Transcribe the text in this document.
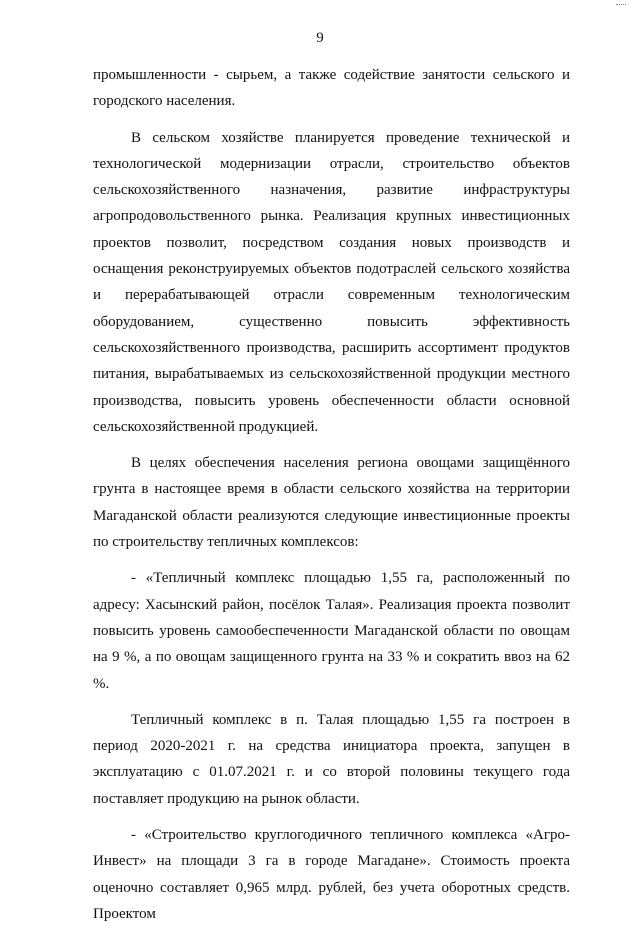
9

промышленности - сырьем, а также содействие занятости сельского и городского населения.

В сельском хозяйстве планируется проведение технической и технологической модернизации отрасли, строительство объектов сельскохозяйственного назначения, развитие инфраструктуры агропродовольственного рынка. Реализация крупных инвестиционных проектов позволит, посредством создания новых производств и оснащения реконструируемых объектов подотраслей сельского хозяйства и перерабатывающей отрасли современным технологическим оборудованием, существенно повысить эффективность сельскохозяйственного производства, расширить ассортимент продуктов питания, вырабатываемых из сельскохозяйственной продукции местного производства, повысить уровень обеспеченности области основной сельскохозяйственной продукцией.

В целях обеспечения населения региона овощами защищённого грунта в настоящее время в области сельского хозяйства на территории Магаданской области реализуются следующие инвестиционные проекты по строительству тепличных комплексов:

- «Тепличный комплекс площадью 1,55 га, расположенный по адресу: Хасынский район, посёлок Талая». Реализация проекта позволит повысить уровень самообеспеченности Магаданской области по овощам на 9 %, а по овощам защищенного грунта на 33 % и сократить ввоз на 62 %.

Тепличный комплекс в п. Талая площадью 1,55 га построен в период 2020-2021 г. на средства инициатора проекта, запущен в эксплуатацию с 01.07.2021 г. и со второй половины текущего года поставляет продукцию на рынок области.

- «Строительство круглогодичного тепличного комплекса «Агро-Инвест» на площади 3 га в городе Магадане». Стоимость проекта оценочно составляет 0,965 млрд. рублей, без учета оборотных средств. Проектом
